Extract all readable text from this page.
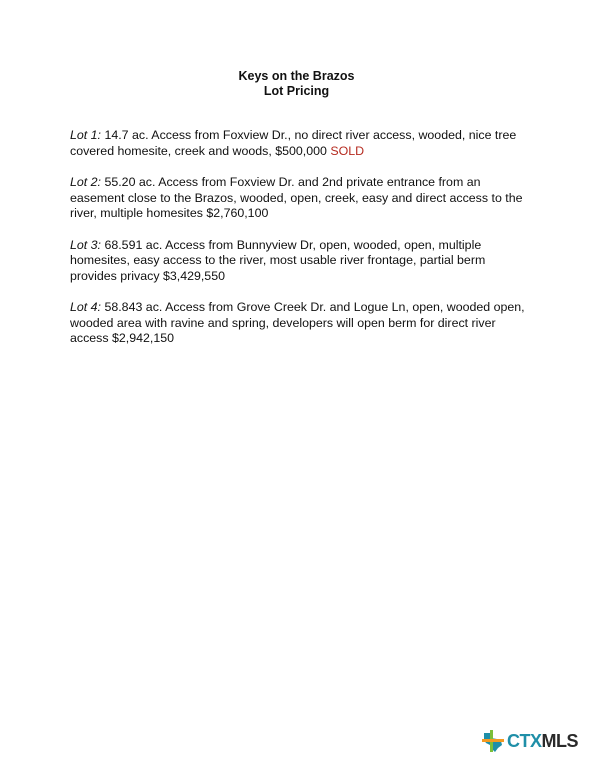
Keys on the Brazos
Lot Pricing

Lot 1: 14.7 ac. Access from Foxview Dr., no direct river access, wooded, nice tree covered homesite, creek and woods, $500,000 SOLD

Lot 2: 55.20 ac. Access from Foxview Dr. and 2nd private entrance from an easement close to the Brazos, wooded, open, creek, easy and direct access to the river, multiple homesites $2,760,100

Lot 3: 68.591 ac. Access from Bunnyview Dr, open, wooded, open, multiple homesites, easy access to the river, most usable river frontage, partial berm provides privacy $3,429,550

Lot 4: 58.843 ac. Access from Grove Creek Dr. and Logue Ln, open, wooded open, wooded area with ravine and spring, developers will open berm for direct river access $2,942,150

CTXMLS
